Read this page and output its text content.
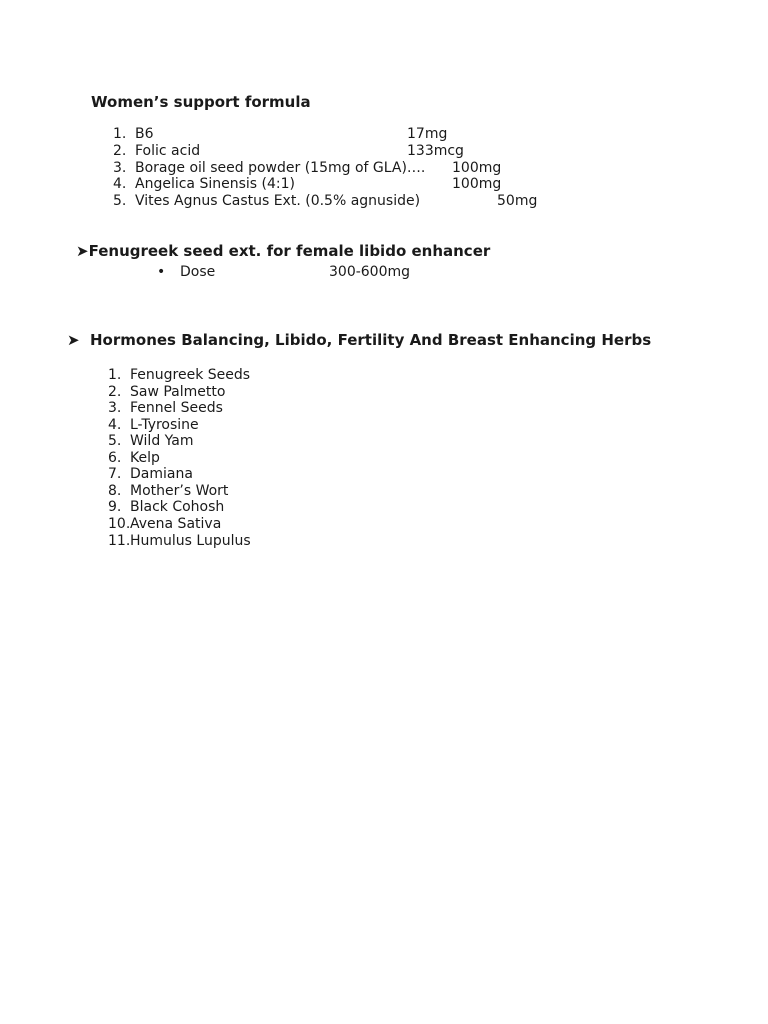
Women’s support formula
1. B6	17mg
2. Folic acid	133mcg
3. Borage oil seed powder (15mg of GLA)…. 100mg
4. Angelica Sinensis (4:1)	100mg
5. Vites Agnus Castus Ext. (0.5% agnuside)	50mg
➤Fenugreek seed ext. for female libido enhancer
• Dose	300-600mg
➤ Hormones Balancing, Libido, Fertility And Breast Enhancing Herbs
1. Fenugreek Seeds
2. Saw Palmetto
3. Fennel Seeds
4. L-Tyrosine
5. Wild Yam
6. Kelp
7. Damiana
8. Mother’s Wort
9. Black Cohosh
10. Avena Sativa
11. Humulus Lupulus
